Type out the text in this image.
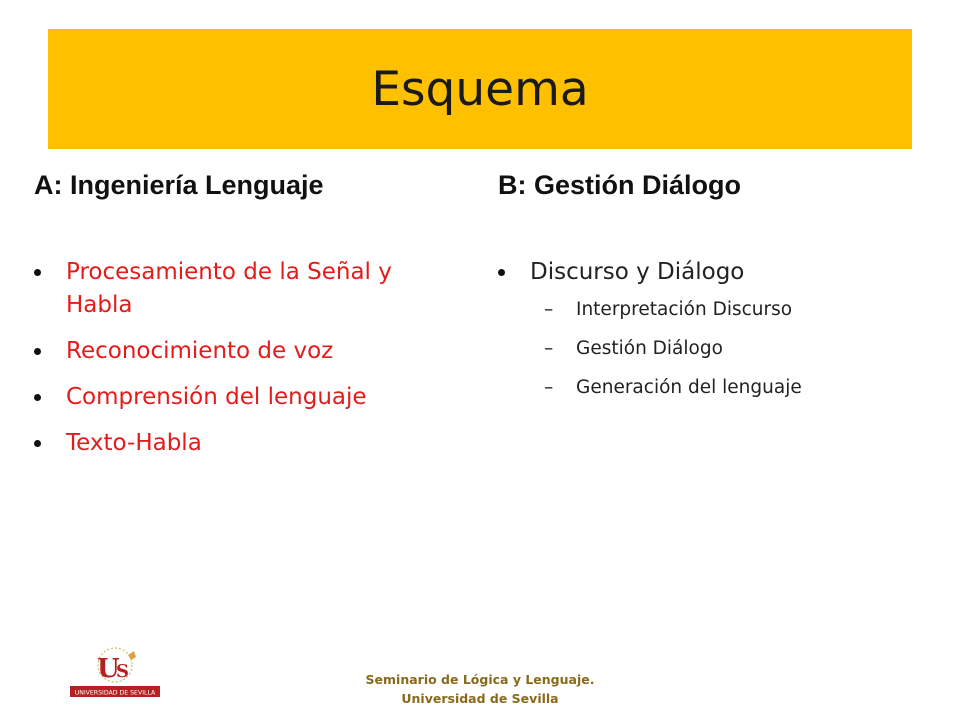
Esquema
A: Ingeniería Lenguaje	B: Gestión Diálogo
Procesamiento de la Señal y Habla
Reconocimiento de voz
Comprensión del lenguaje
Texto-Habla
Discurso y Diálogo
– Interpretación Discurso
– Gestión Diálogo
– Generación del lenguaje
U
S
UNIVERSIDAD DE SEVILLA
Seminario de Lógica y Lenguaje.
Universidad de Sevilla
